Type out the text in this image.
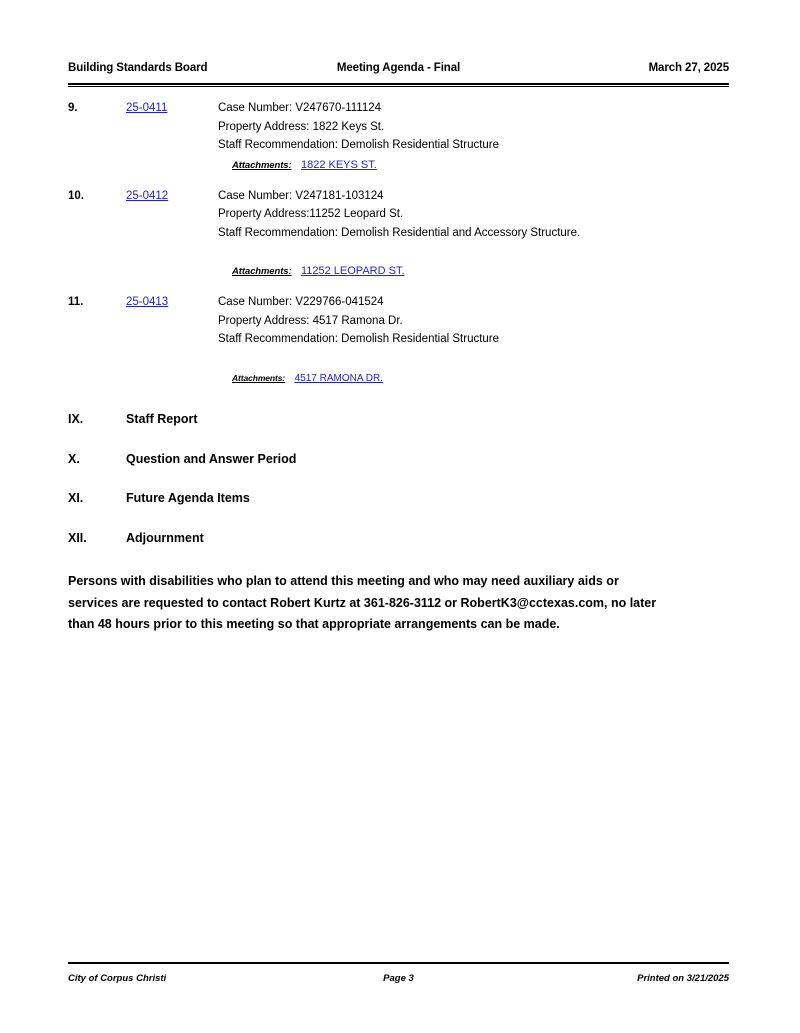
Building Standards Board	Meeting Agenda - Final	March 27, 2025
9.	25-0411	Case Number: V247670-111124
Property Address: 1822 Keys St.
Staff Recommendation: Demolish Residential Structure
Attachments: 1822 KEYS ST.
10.	25-0412	Case Number: V247181-103124
Property Address:11252 Leopard St.
Staff Recommendation: Demolish Residential and Accessory Structure.
Attachments: 11252 LEOPARD ST.
11.	25-0413	Case Number: V229766-041524
Property Address: 4517 Ramona Dr.
Staff Recommendation: Demolish Residential Structure
Attachments: 4517 RAMONA DR.
IX.	Staff Report
X.	Question and Answer Period
XI.	Future Agenda Items
XII.	Adjournment
Persons with disabilities who plan to attend this meeting and who may need auxiliary aids or services are requested to contact Robert Kurtz at 361-826-3112 or RobertK3@cctexas.com, no later than 48 hours prior to this meeting so that appropriate arrangements can be made.
City of Corpus Christi	Page 3	Printed on 3/21/2025
